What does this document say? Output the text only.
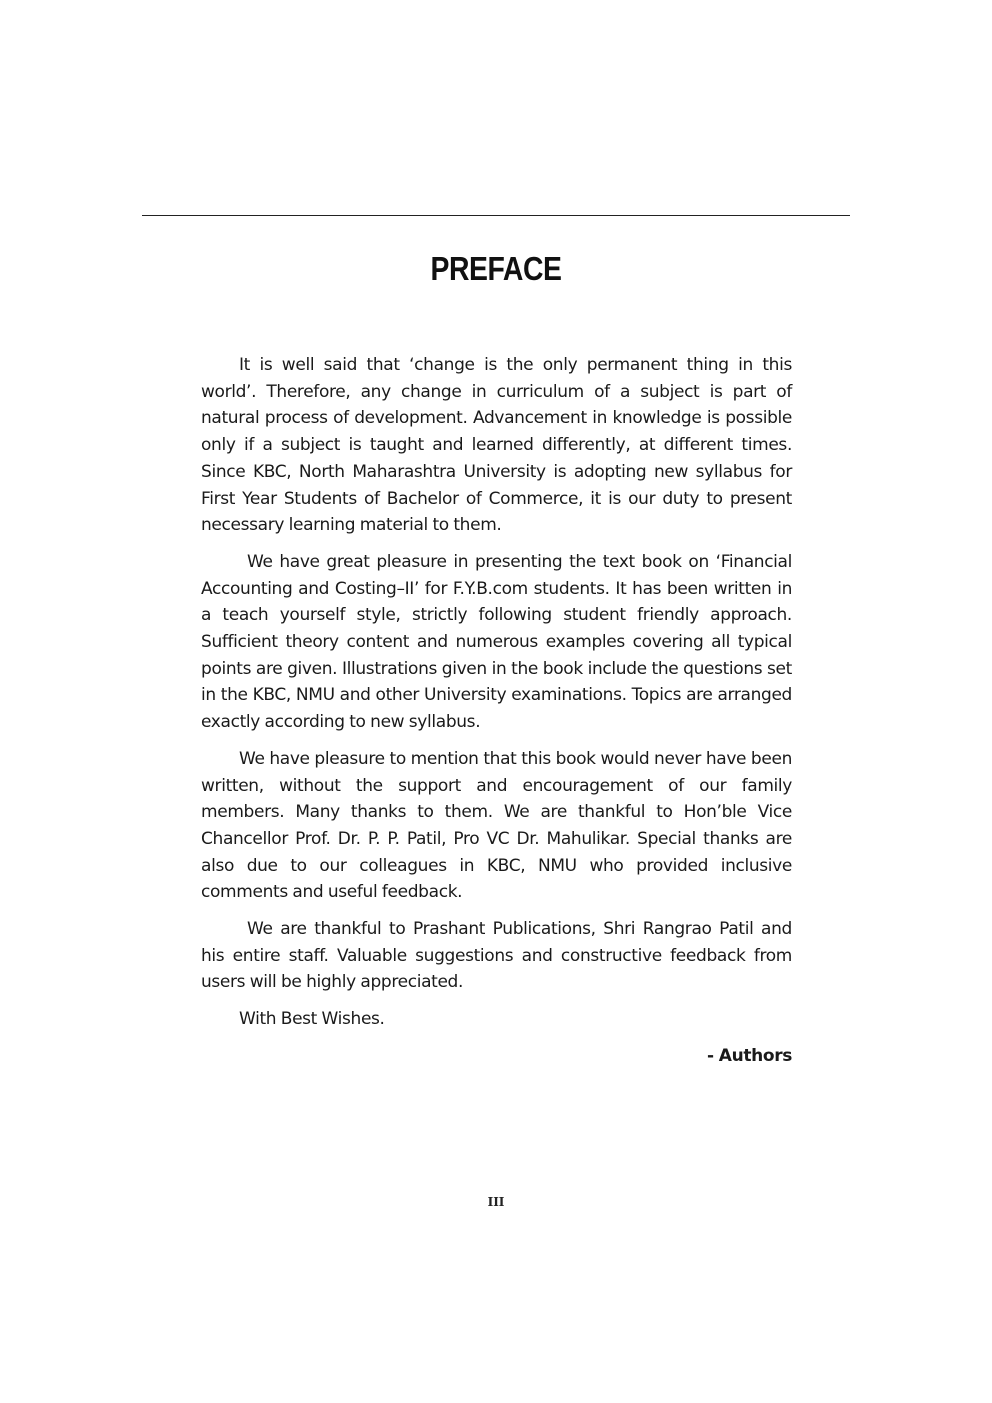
PREFACE

It is well said that ‘change is the only permanent thing in this world’. Therefore, any change in curriculum of a subject is part of natural process of development. Advancement in knowledge is possible only if a subject is taught and learned differently, at different times. Since KBC, North Maharashtra University is adopting new syllabus for First Year Students of Bachelor of Commerce, it is our duty to present necessary learning material to them.

We have great pleasure in presenting the text book on ‘Financial Accounting and Costing–II’ for F.Y.B.com students. It has been written in a teach yourself style, strictly following student friendly approach. Sufficient theory content and numerous examples covering all typical points are given. Illustrations given in the book include the questions set in the KBC, NMU and other University examinations. Topics are arranged exactly according to new syllabus.

We have pleasure to mention that this book would never have been written, without the support and encouragement of our family members. Many thanks to them. We are thankful to Hon’ble Vice Chancellor Prof. Dr. P. P. Patil, Pro VC Dr. Mahulikar. Special thanks are also due to our colleagues in KBC, NMU who provided inclusive comments and useful feedback.

We are thankful to Prashant Publications, Shri Rangrao Patil and his entire staff. Valuable suggestions and constructive feedback from users will be highly appreciated.

With Best Wishes.

- Authors

III
